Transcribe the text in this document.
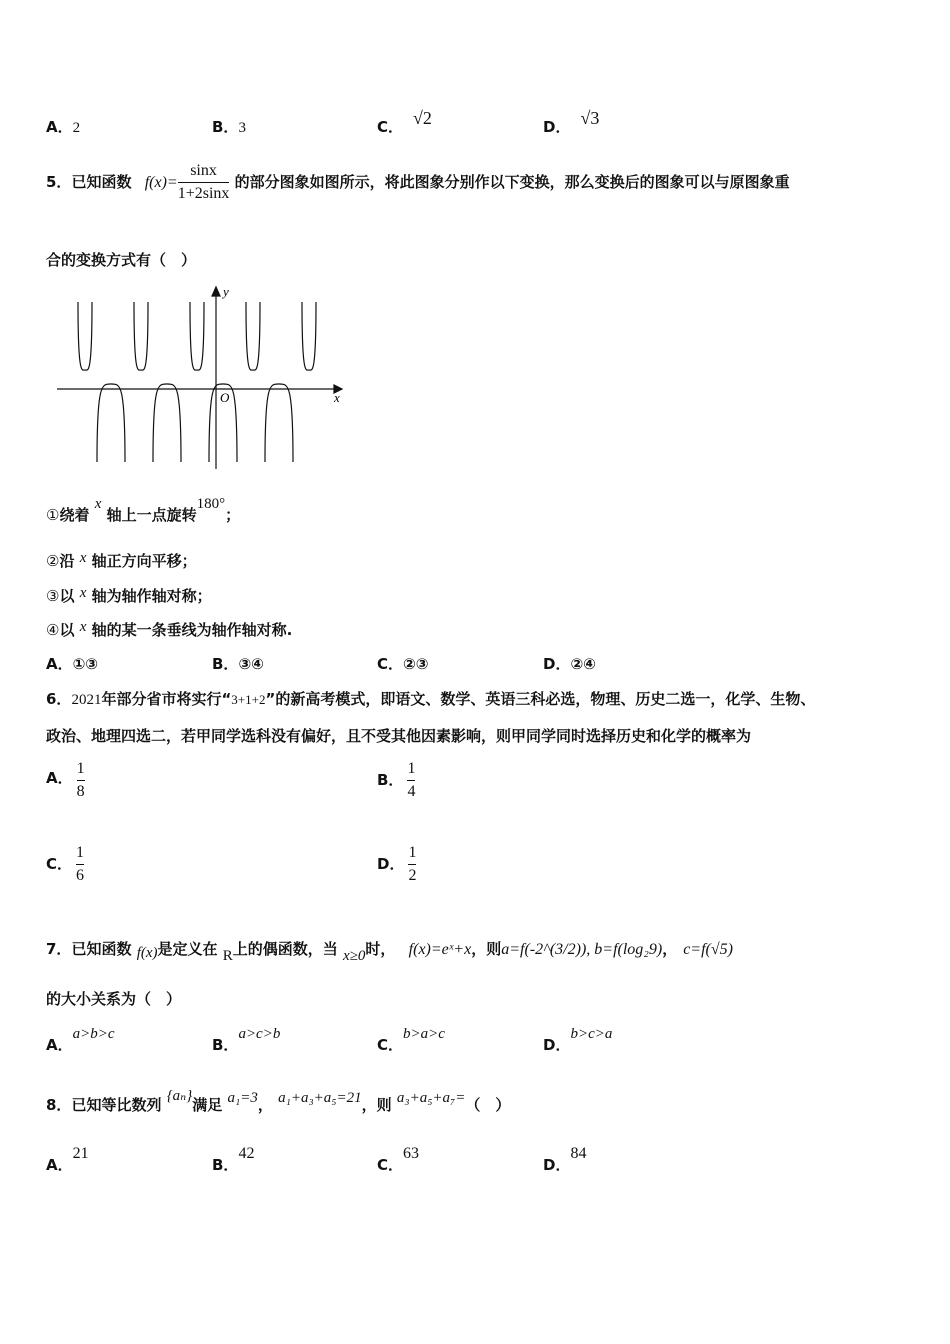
A．2	B．3	C． √2	D． √3
5．已知函数 $f(x)= \frac{\sin x}{1+2\sin x}$ 的部分图象如图所示，将此图象分别作以下变换，那么变换后的图象可以与原图象重
合的变换方式有（　）
y
x
O
①绕着 x 轴上一点旋转180°；
②沿 x 轴正方向平移；
③以 x 轴为轴作轴对称；
④以 x 轴的某一条垂线为轴作轴对称.
A．①③	B．③④	C．②③	D．②④
6．2021年部分省市将实行“3+1+2”的新高考模式，即语文、数学、英语三科必选，物理、历史二选一，化学、生物、
政治、地理四选二，若甲同学选科没有偏好，且不受其他因素影响，则甲同学同时选择历史和化学的概率为
A． $\frac{1}{8}$	B． $\frac{1}{4}$
C． $\frac{1}{6}$	D． $\frac{1}{2}$
7．已知函数 f(x)是定义在 R上的偶函数，当 x≥0时， f(x)=eˣ+x，则a=f(-2^(3/2)), b=f(log₂9)， c=f(√5)
的大小关系为（　）
A．a>b>c
B．a>c>b
C．b>a>c
D．b>c>a
8．已知等比数列 {aₙ}满足 a₁=3， a₁+a₃+a₅=21，则 a₃+a₅+a₇=（　）
A．21
B．42
C．63
D．84
